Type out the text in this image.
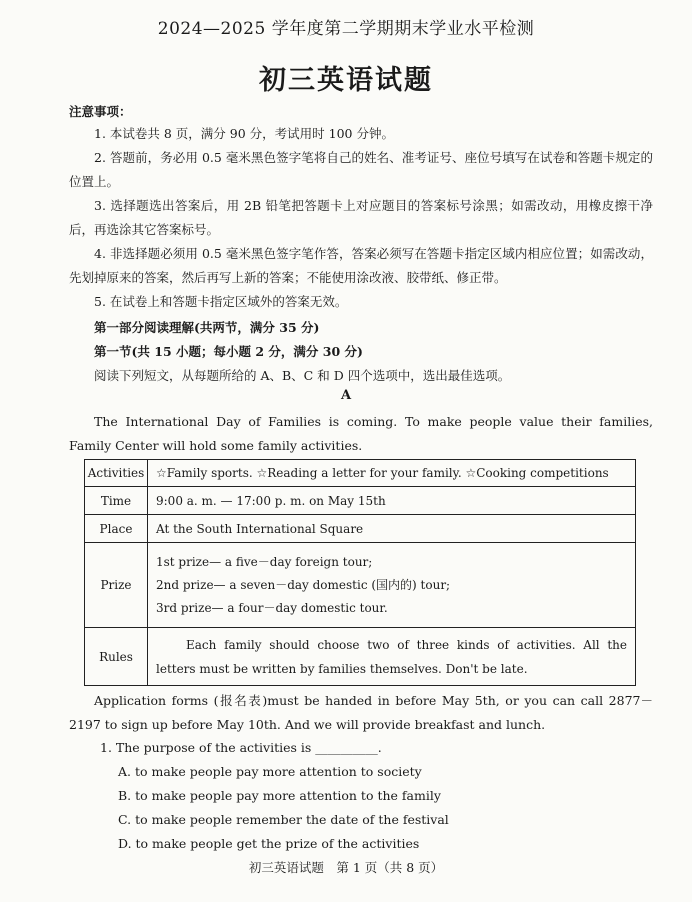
2024—2025 学年度第二学期期末学业水平检测
初三英语试题
注意事项：
1. 本试卷共 8 页，满分 90 分，考试用时 100 分钟。
2. 答题前，务必用 0.5 毫米黑色签字笔将自己的姓名、准考证号、座位号填写在试卷和答题卡规定的位置上。
3. 选择题选出答案后，用 2B 铅笔把答题卡上对应题目的答案标号涂黑；如需改动，用橡皮擦干净后，再选涂其它答案标号。
4. 非选择题必须用 0.5 毫米黑色签字笔作答，答案必须写在答题卡指定区域内相应位置；如需改动，先划掉原来的答案，然后再写上新的答案；不能使用涂改液、胶带纸、修正带。
5. 在试卷上和答题卡指定区域外的答案无效。
第一部分阅读理解(共两节，满分 35 分)
第一节(共 15 小题；每小题 2 分，满分 30 分)
阅读下列短文，从每题所给的 A、B、C 和 D 四个选项中，选出最佳选项。
A
The International Day of Families is coming. To make people value their families, Family Center will hold some family activities.
Activities	☆Family sports. ☆Reading a letter for your family. ☆Cooking competitions
Time	9:00 a. m. — 17:00 p. m. on May 15th
Place	At the South International Square
Prize	1st prize— a five－day foreign tour;
2nd prize— a seven－day domestic (国内的) tour;
3rd prize— a four－day domestic tour.

Rules	Each family should choose two of three kinds of activities. All the letters must be written by families themselves. Don't be late.
Application forms (报名表)must be handed in before May 5th, or you can call 2877－2197 to sign up before May 10th. And we will provide breakfast and lunch.
1. The purpose of the activities is __________.
A. to make people pay more attention to society
B. to make people pay more attention to the family
C. to make people remember the date of the festival
D. to make people get the prize of the activities
初三英语试题　第 1 页（共 8 页）
